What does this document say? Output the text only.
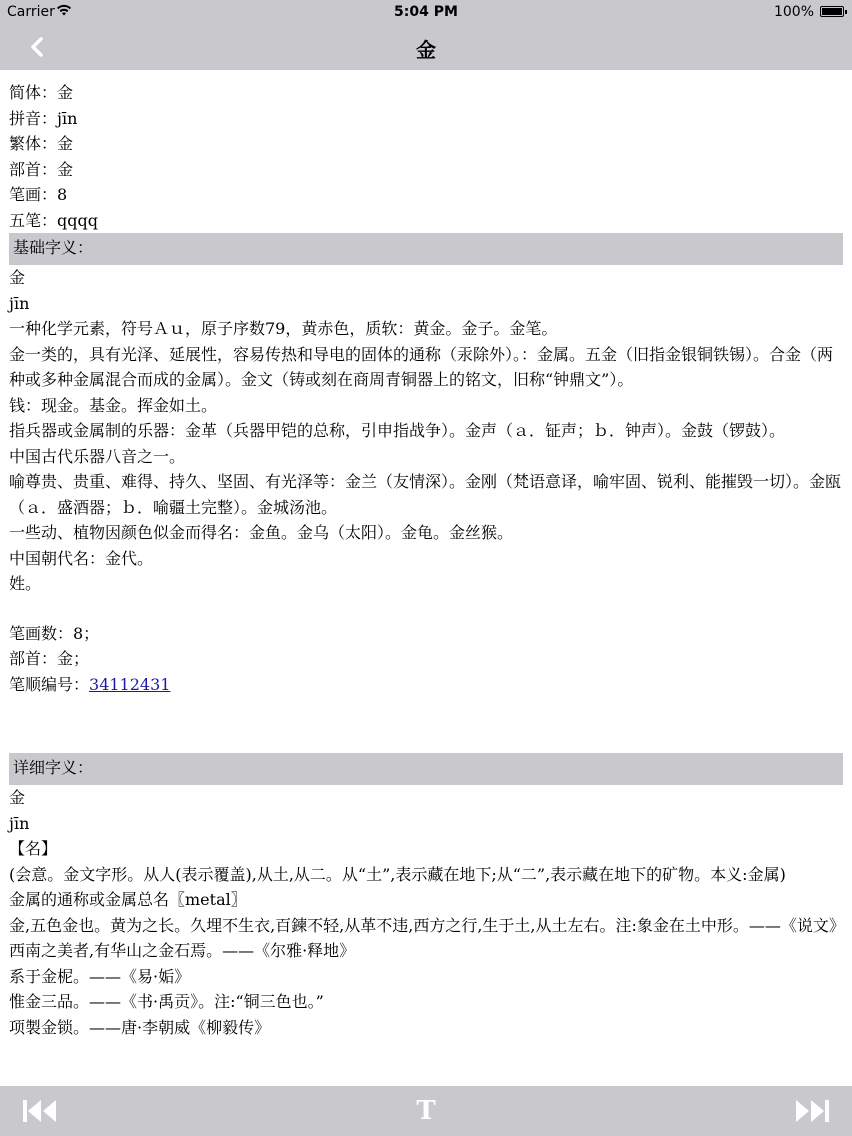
Carrier	5:04 PM	100%
金
简体：金
拼音：jīn
繁体：金
部首：金
笔画：8
五笔：qqqq
基础字义：
金
jīn
一种化学元素，符号Ａｕ，原子序数79，黄赤色，质软：黄金。金子。金笔。
金一类的，具有光泽、延展性，容易传热和导电的固体的通称（汞除外）。：金属。五金（旧指金银铜铁锡）。合金（两种或多种金属混合而成的金属）。金文（铸或刻在商周青铜器上的铭文，旧称“钟鼎文”）。
钱：现金。基金。挥金如土。
指兵器或金属制的乐器：金革（兵器甲铠的总称，引申指战争）。金声（ａ．钲声；ｂ．钟声）。金鼓（锣鼓）。
中国古代乐器八音之一。
喻尊贵、贵重、难得、持久、坚固、有光泽等：金兰（友情深）。金刚（梵语意译，喻牢固、锐利、能摧毁一切）。金瓯（ａ．盛酒器；ｂ．喻疆土完整）。金城汤池。
一些动、植物因颜色似金而得名：金鱼。金乌（太阳）。金龟。金丝猴。
中国朝代名：金代。
姓。
笔画数：8；
部首：金；
笔顺编号：34112431
详细字义：
金
jīn
【名】
(会意。金文字形。从人(表示覆盖),从土,从二。从“土”,表示藏在地下;从“二”,表示藏在地下的矿物。本义:金属)
金属的通称或金属总名〖metal〗
金,五色金也。黄为之长。久埋不生衣,百鍊不轻,从革不违,西方之行,生于土,从土左右。注:象金在土中形。——《说文》
西南之美者,有华山之金石焉。——《尔雅·释地》
系于金柅。——《易·姤》
惟金三品。——《书·禹贡》。注:“铜三色也。”
项製金锁。——唐·李朝威《柳毅传》
T
